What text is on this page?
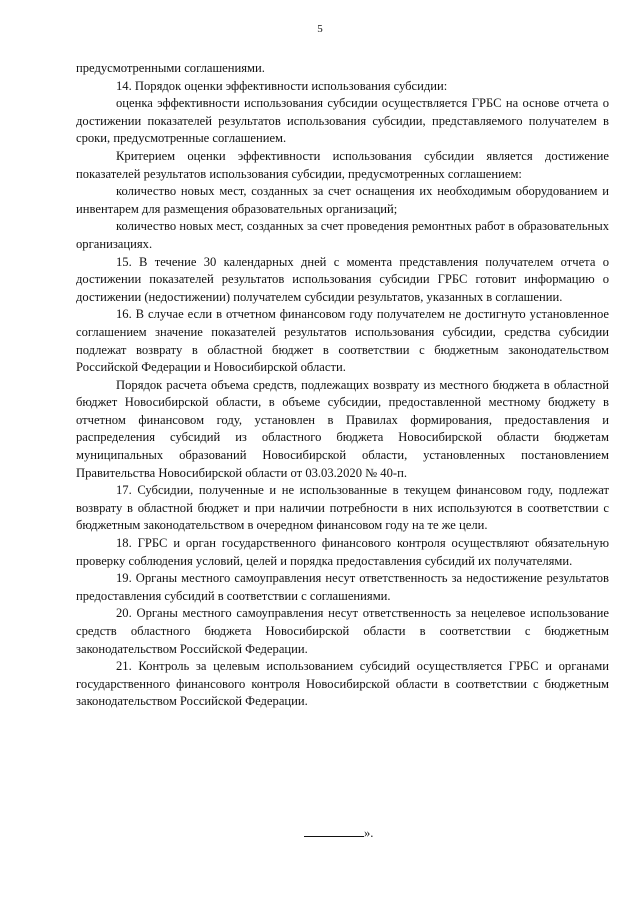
5

предусмотренными соглашениями.

14. Порядок оценки эффективности использования субсидии:

оценка эффективности использования субсидии осуществляется ГРБС на основе отчета о достижении показателей результатов использования субсидии, представляемого получателем в сроки, предусмотренные соглашением.

Критерием оценки эффективности использования субсидии является достижение показателей результатов использования субсидии, предусмотренных соглашением:

количество новых мест, созданных за счет оснащения их необходимым оборудованием и инвентарем для размещения образовательных организаций;

количество новых мест, созданных за счет проведения ремонтных работ в образовательных организациях.

15. В течение 30 календарных дней с момента представления получателем отчета о достижении показателей результатов использования субсидии ГРБС готовит информацию о достижении (недостижении) получателем субсидии результатов, указанных в соглашении.

16. В случае если в отчетном финансовом году получателем не достигнуто установленное соглашением значение показателей результатов использования субсидии, средства субсидии подлежат возврату в областной бюджет в соответствии с бюджетным законодательством Российской Федерации и Новосибирской области.

Порядок расчета объема средств, подлежащих возврату из местного бюджета в областной бюджет Новосибирской области, в объеме субсидии, предоставленной местному бюджету в отчетном финансовом году, установлен в Правилах формирования, предоставления и распределения субсидий из областного бюджета Новосибирской области бюджетам муниципальных образований Новосибирской области, установленных постановлением Правительства Новосибирской области от 03.03.2020 № 40-п.

17. Субсидии, полученные и не использованные в текущем финансовом году, подлежат возврату в областной бюджет и при наличии потребности в них используются в соответствии с бюджетным законодательством в очередном финансовом году на те же цели.

18. ГРБС и орган государственного финансового контроля осуществляют обязательную проверку соблюдения условий, целей и порядка предоставления субсидий их получателями.

19. Органы местного самоуправления несут ответственность за недостижение результатов предоставления субсидий в соответствии с соглашениями.

20. Органы местного самоуправления несут ответственность за нецелевое использование средств областного бюджета Новосибирской области в соответствии с бюджетным законодательством Российской Федерации.

21. Контроль за целевым использованием субсидий осуществляется ГРБС и органами государственного финансового контроля Новосибирской области в соответствии с бюджетным законодательством Российской Федерации.

».
